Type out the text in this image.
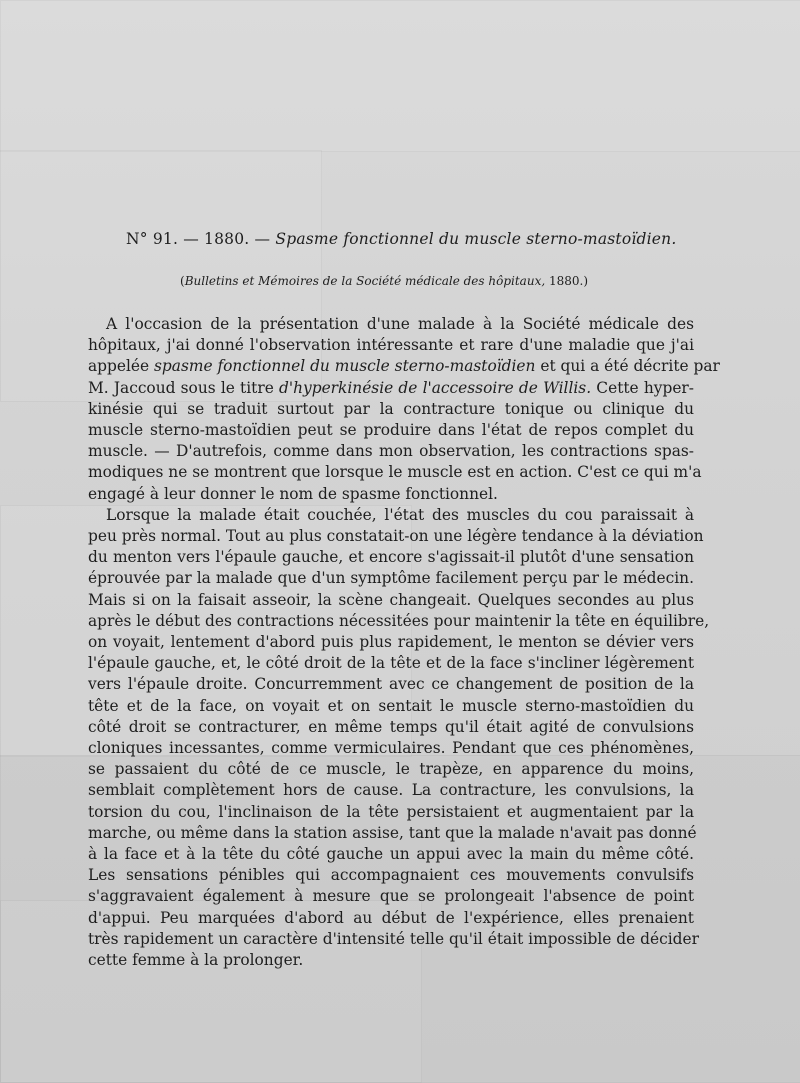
N° 91. — 1880. — Spasme fonctionnel du muscle sterno-mastoïdien.
(Bulletins et Mémoires de la Société médicale des hôpitaux, 1880.)
A l'occasion de la présentation d'une malade à la Société médicale des
hôpitaux, j'ai donné l'observation intéressante et rare d'une maladie que j'ai
appelée spasme fonctionnel du muscle sterno-mastoïdien et qui a été décrite par
M. Jaccoud sous le titre d'hyperkinésie de l'accessoire de Willis. Cette hyper-
kinésie qui se traduit surtout par la contracture tonique ou clinique du
muscle sterno-mastoïdien peut se produire dans l'état de repos complet du
muscle. — D'autrefois, comme dans mon observation, les contractions spas-
modiques ne se montrent que lorsque le muscle est en action. C'est ce qui m'a
engagé à leur donner le nom de spasme fonctionnel.
Lorsque la malade était couchée, l'état des muscles du cou paraissait à
peu près normal. Tout au plus constatait-on une légère tendance à la déviation
du menton vers l'épaule gauche, et encore s'agissait-il plutôt d'une sensation
éprouvée par la malade que d'un symptôme facilement perçu par le médecin.
Mais si on la faisait asseoir, la scène changeait. Quelques secondes au plus
après le début des contractions nécessitées pour maintenir la tête en équilibre,
on voyait, lentement d'abord puis plus rapidement, le menton se dévier vers
l'épaule gauche, et, le côté droit de la tête et de la face s'incliner légèrement
vers l'épaule droite. Concurremment avec ce changement de position de la
tête et de la face, on voyait et on sentait le muscle sterno-mastoïdien du
côté droit se contracturer, en même temps qu'il était agité de convulsions
cloniques incessantes, comme vermiculaires. Pendant que ces phénomènes,
se passaient du côté de ce muscle, le trapèze, en apparence du moins,
semblait complètement hors de cause. La contracture, les convulsions, la
torsion du cou, l'inclinaison de la tête persistaient et augmentaient par la
marche, ou même dans la station assise, tant que la malade n'avait pas donné
à la face et à la tête du côté gauche un appui avec la main du même côté.
Les sensations pénibles qui accompagnaient ces mouvements convulsifs
s'aggravaient également à mesure que se prolongeait l'absence de point
d'appui. Peu marquées d'abord au début de l'expérience, elles prenaient
très rapidement un caractère d'intensité telle qu'il était impossible de décider
cette femme à la prolonger.
